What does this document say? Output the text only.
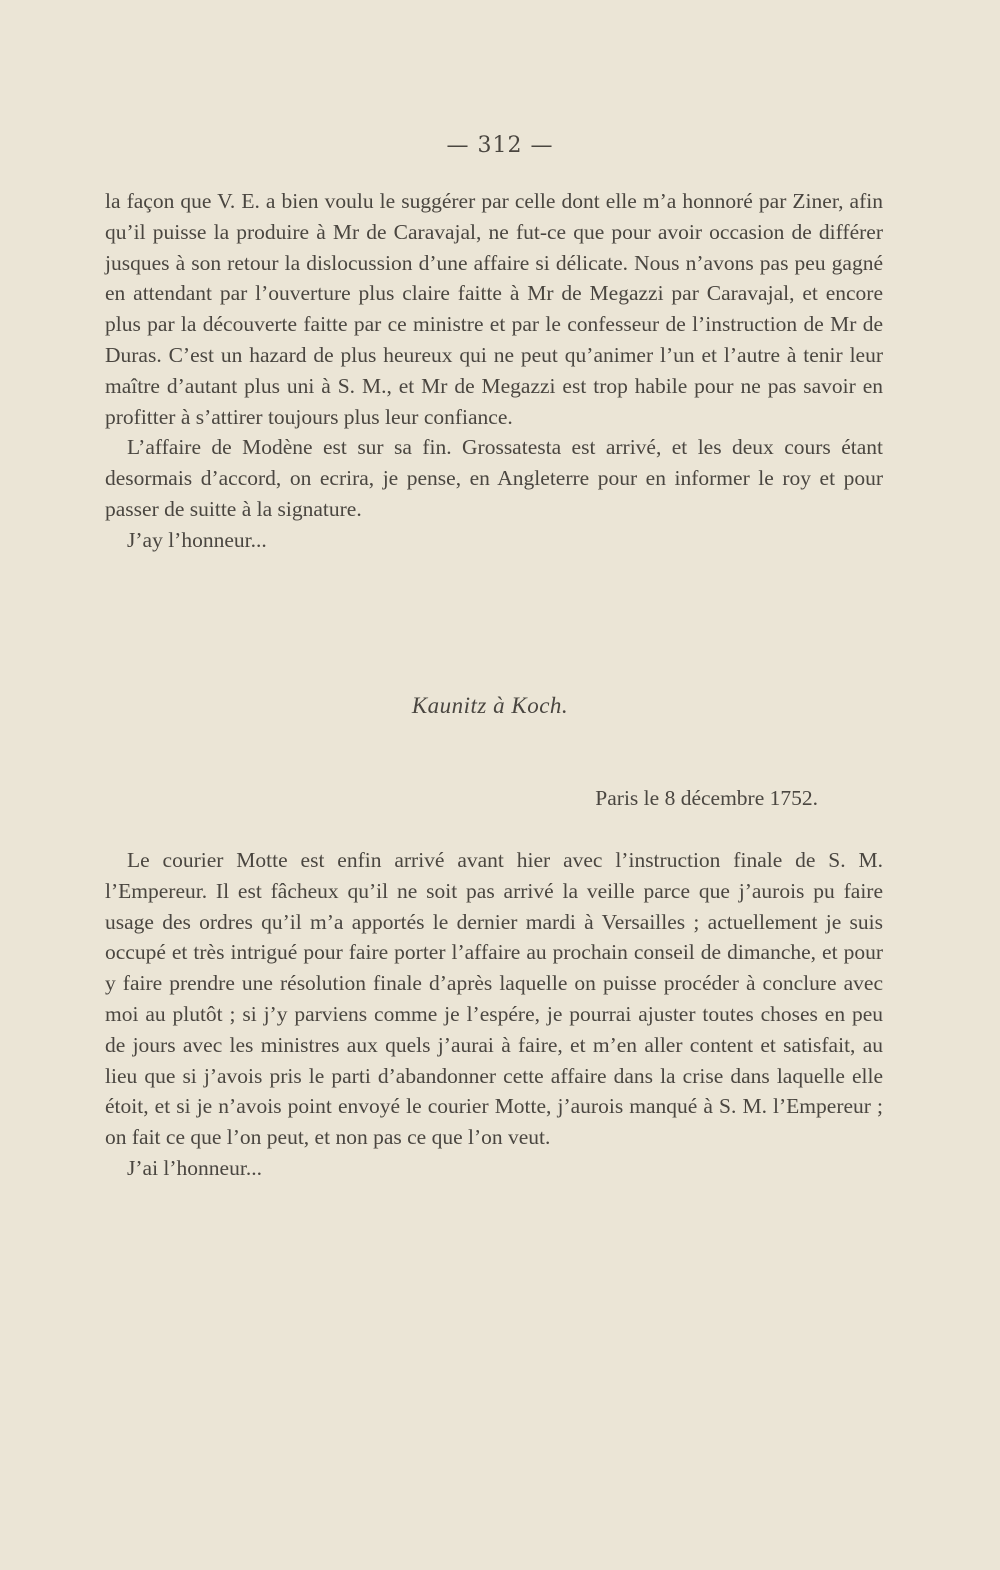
— 312 —

la façon que V. E. a bien voulu le suggérer par celle dont elle m’a honnoré par Ziner, afin qu’il puisse la produire à Mr de Caravajal, ne fut-ce que pour avoir occasion de différer jusques à son retour la dislocussion d’une affaire si délicate. Nous n’avons pas peu gagné en attendant par l’ouverture plus claire faitte à Mr de Megazzi par Caravajal, et encore plus par la découverte faitte par ce ministre et par le confesseur de l’instruction de Mr de Duras. C’est un hazard de plus heureux qui ne peut qu’animer l’un et l’autre à tenir leur maître d’autant plus uni à S. M., et Mr de Megazzi est trop habile pour ne pas savoir en profitter à s’attirer toujours plus leur confiance.

L’affaire de Modène est sur sa fin. Grossatesta est arrivé, et les deux cours étant desormais d’accord, on ecrira, je pense, en Angleterre pour en informer le roy et pour passer de suitte à la signature.

J’ay l’honneur...

Kaunitz à Koch.
Paris le 8 décembre 1752.

Le courier Motte est enfin arrivé avant hier avec l’instruction finale de S. M. l’Empereur. Il est fâcheux qu’il ne soit pas arrivé la veille parce que j’aurois pu faire usage des ordres qu’il m’a apportés le dernier mardi à Versailles ; actuellement je suis occupé et très intrigué pour faire porter l’affaire au prochain conseil de dimanche, et pour y faire prendre une résolution finale d’après laquelle on puisse procéder à conclure avec moi au plutôt ; si j’y parviens comme je l’espére, je pourrai ajuster toutes choses en peu de jours avec les ministres aux quels j’aurai à faire, et m’en aller content et satisfait, au lieu que si j’avois pris le parti d’abandonner cette affaire dans la crise dans laquelle elle étoit, et si je n’avois point envoyé le courier Motte, j’aurois manqué à S. M. l’Empereur ; on fait ce que l’on peut, et non pas ce que l’on veut.

J’ai l’honneur...
